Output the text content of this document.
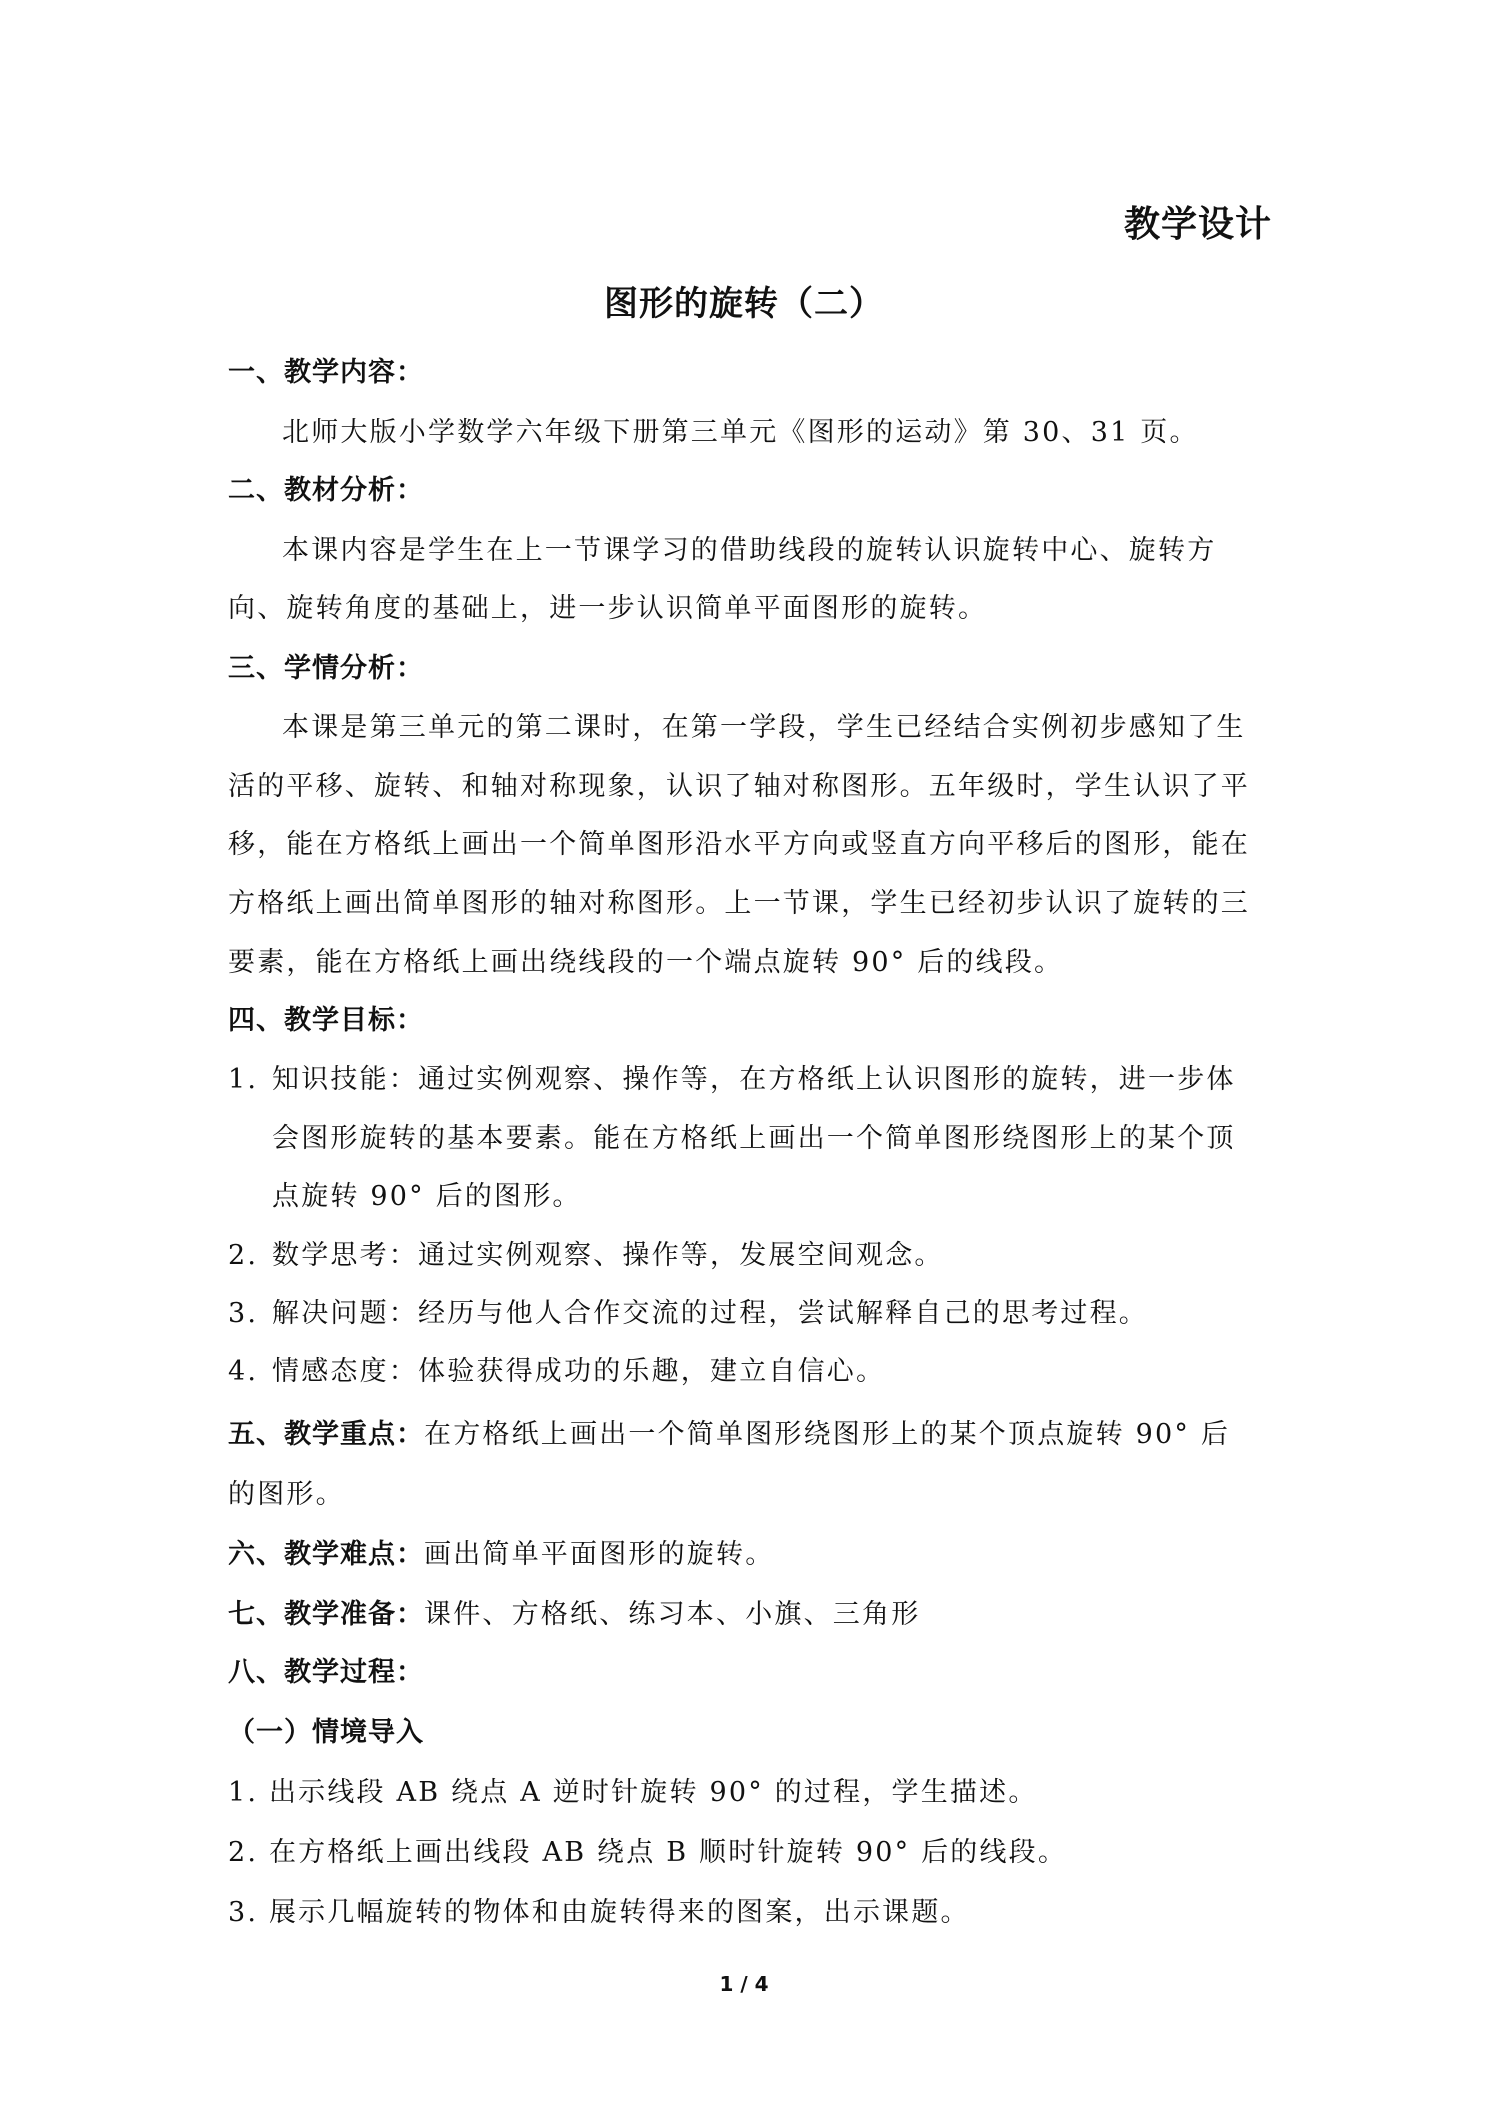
教学设计
图形的旋转（二）
一、教学内容：
北师大版小学数学六年级下册第三单元《图形的运动》第 30、31 页。
二、教材分析：
本课内容是学生在上一节课学习的借助线段的旋转认识旋转中心、旋转方
向、旋转角度的基础上，进一步认识简单平面图形的旋转。
三、学情分析：
本课是第三单元的第二课时，在第一学段，学生已经结合实例初步感知了生
活的平移、旋转、和轴对称现象，认识了轴对称图形。五年级时，学生认识了平
移，能在方格纸上画出一个简单图形沿水平方向或竖直方向平移后的图形，能在
方格纸上画出简单图形的轴对称图形。上一节课，学生已经初步认识了旋转的三
要素，能在方格纸上画出绕线段的一个端点旋转 90° 后的线段。
四、教学目标：
1. 知识技能：通过实例观察、操作等，在方格纸上认识图形的旋转，进一步体
会图形旋转的基本要素。能在方格纸上画出一个简单图形绕图形上的某个顶
点旋转 90° 后的图形。
2. 数学思考：通过实例观察、操作等，发展空间观念。
3. 解决问题：经历与他人合作交流的过程，尝试解释自己的思考过程。
4. 情感态度：体验获得成功的乐趣，建立自信心。
五、教学重点：在方格纸上画出一个简单图形绕图形上的某个顶点旋转 90° 后
的图形。
六、教学难点：画出简单平面图形的旋转。
七、教学准备：课件、方格纸、练习本、小旗、三角形
八、教学过程：
（一）情境导入
1. 出示线段 AB 绕点 A 逆时针旋转 90° 的过程，学生描述。
2. 在方格纸上画出线段 AB 绕点 B 顺时针旋转 90° 后的线段。
3. 展示几幅旋转的物体和由旋转得来的图案，出示课题。
1 / 4
